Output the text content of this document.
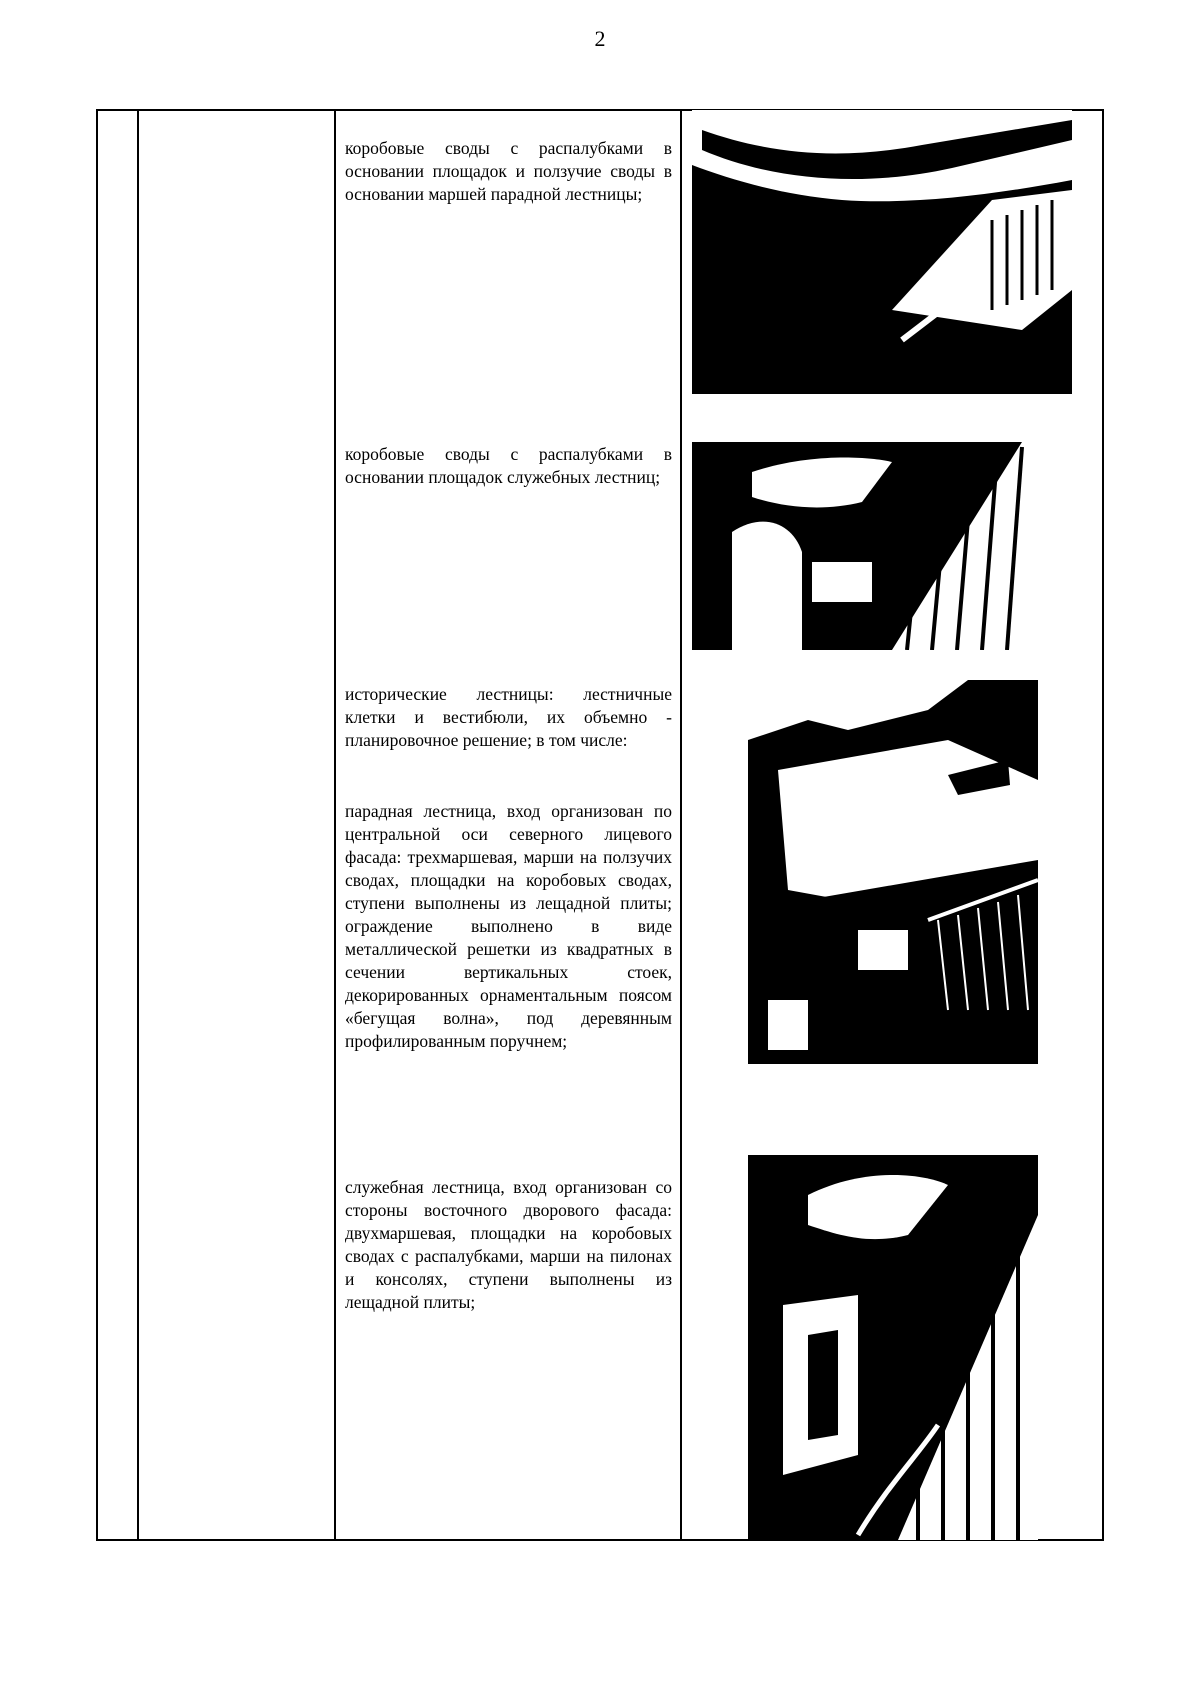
2

коробовые своды с распалубками в основании площадок и ползучие своды в основании маршей парадной лестницы;

коробовые своды с распалубками в основании площадок служебных лестниц;

исторические лестницы: лестничные клетки и вестибюли, их объемно - планировочное решение; в том числе:

парадная лестница, вход организован по центральной оси северного лицевого фасада: трехмаршевая, марши на ползучих сводах, площадки на коробовых сводах, ступени выполнены из лещадной плиты; ограждение выполнено в виде металлической решетки из квадратных в сечении вертикальных стоек, декорированных орнаментальным поясом «бегущая волна», под деревянным профилированным поручнем;

служебная лестница, вход организован со стороны восточного дворового фасада: двухмаршевая, площадки на коробовых сводах с распалубками, марши на пилонах и консолях, ступени выполнены из лещадной плиты;
